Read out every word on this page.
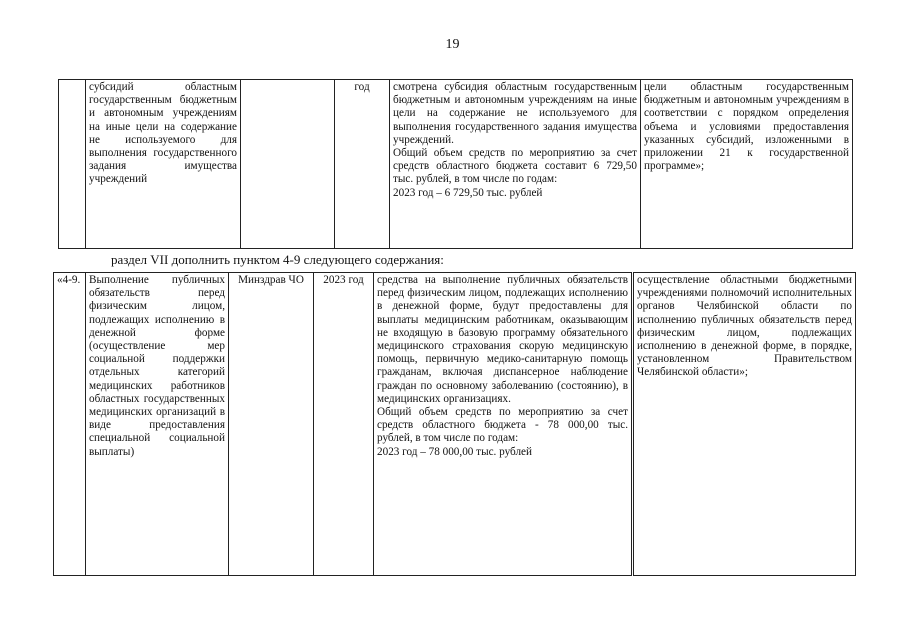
19
	субсидий областным государственным бюджетным и автономным учреждениям на иные цели на содержание не используемого для выполнения государственного задания имущества учреждений		год	смотрена субсидия областным государственным бюджетным и автономным учреждениям на иные цели на содержание не используемого для выполнения государственного задания имущества учреждений.
Общий объем средств по мероприятию за счет средств областного бюджета составит 6 729,50 тыс. рублей, в том числе по годам:
2023 год – 6 729,50 тыс. рублей
	цели областным государственным бюджетным и автономным учреждениям в соответствии с порядком определения объема и условиями предоставления указанных субсидий, изложенными в приложении 21 к государственной программе»;
раздел VII дополнить пунктом 4-9 следующего содержания:
«4-9.	Выполнение публичных обязательств перед физическим лицом, подлежащих исполнению в денежной форме (осуществление мер социальной поддержки отдельных категорий медицинских работников областных государственных медицинских организаций в виде предоставления специальной социальной выплаты)	Минздрав ЧО	2023 год	средства на выполнение публичных обязательств перед физическим лицом, подлежащих исполнению в денежной форме, будут предоставлены для выплаты медицинским работникам, оказывающим не входящую в базовую программу обязательного медицинского страхования скорую медицинскую помощь, первичную медико-санитарную помощь гражданам, включая диспансерное наблюдение граждан по основному заболеванию (состоянию), в медицинских организациях.
Общий объем средств по мероприятию за счет средств областного бюджета - 78 000,00 тыс. рублей, в том числе по годам:
2023 год – 78 000,00 тыс. рублей
	осуществление областными бюджетными учреждениями полномочий исполнительных органов Челябинской области по исполнению публичных обязательств перед физическим лицом, подлежащих исполнению в денежной форме, в порядке, установленном Правительством Челябинской области»;
